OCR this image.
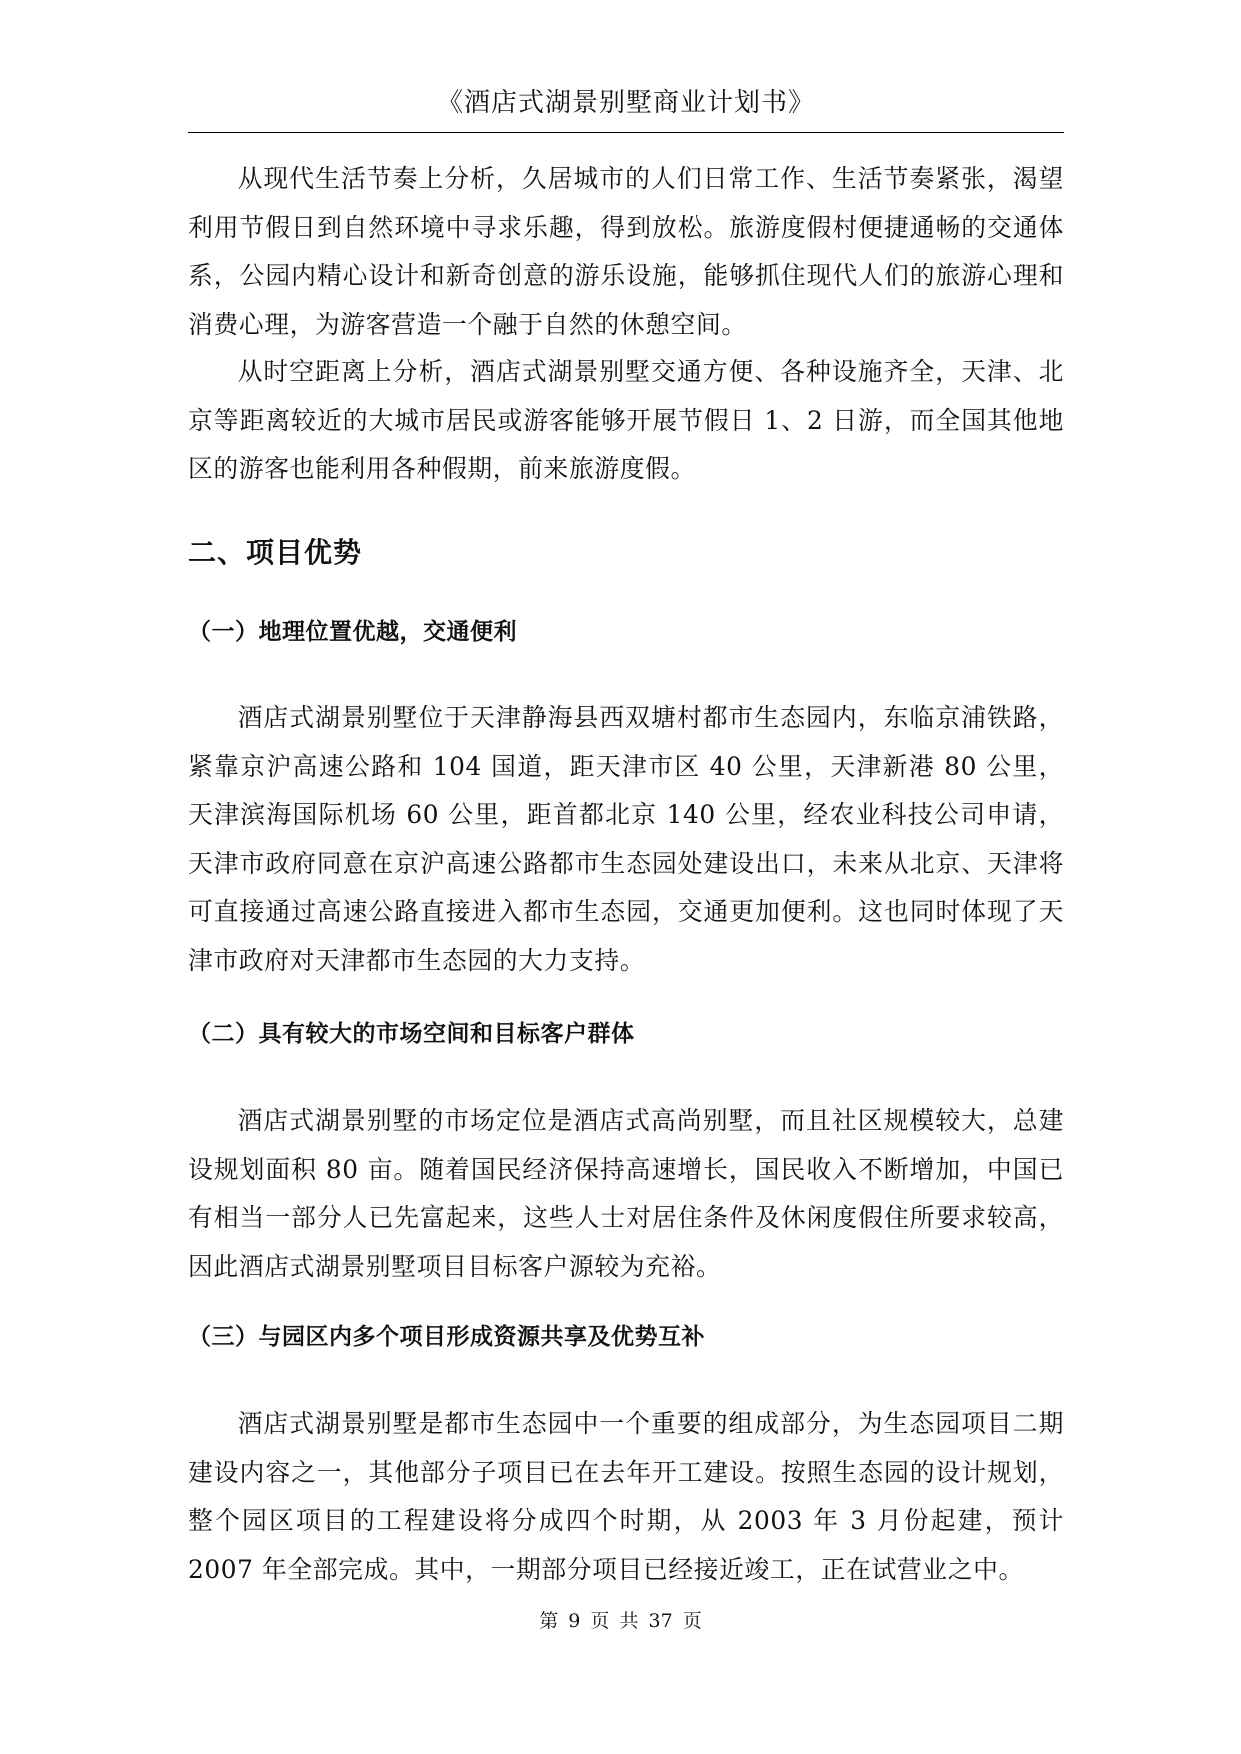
《酒店式湖景别墅商业计划书》

从现代生活节奏上分析，久居城市的人们日常工作、生活节奏紧张，渴望利用节假日到自然环境中寻求乐趣，得到放松。旅游度假村便捷通畅的交通体系，公园内精心设计和新奇创意的游乐设施，能够抓住现代人们的旅游心理和消费心理，为游客营造一个融于自然的休憩空间。

从时空距离上分析，酒店式湖景别墅交通方便、各种设施齐全，天津、北京等距离较近的大城市居民或游客能够开展节假日 1、2 日游，而全国其他地区的游客也能利用各种假期，前来旅游度假。

二、项目优势
（一）地理位置优越，交通便利

酒店式湖景别墅位于天津静海县西双塘村都市生态园内，东临京浦铁路，紧靠京沪高速公路和 104 国道，距天津市区 40 公里，天津新港 80 公里，天津滨海国际机场 60 公里，距首都北京 140 公里，经农业科技公司申请，天津市政府同意在京沪高速公路都市生态园处建设出口，未来从北京、天津将可直接通过高速公路直接进入都市生态园，交通更加便利。这也同时体现了天津市政府对天津都市生态园的大力支持。

（二）具有较大的市场空间和目标客户群体

酒店式湖景别墅的市场定位是酒店式高尚别墅，而且社区规模较大，总建设规划面积 80 亩。随着国民经济保持高速增长，国民收入不断增加，中国已有相当一部分人已先富起来，这些人士对居住条件及休闲度假住所要求较高，因此酒店式湖景别墅项目目标客户源较为充裕。

（三）与园区内多个项目形成资源共享及优势互补

酒店式湖景别墅是都市生态园中一个重要的组成部分，为生态园项目二期建设内容之一，其他部分子项目已在去年开工建设。按照生态园的设计规划，整个园区项目的工程建设将分成四个时期，从 2003 年 3 月份起建，预计 2007 年全部完成。其中，一期部分项目已经接近竣工，正在试营业之中。

第 9 页 共 37 页
